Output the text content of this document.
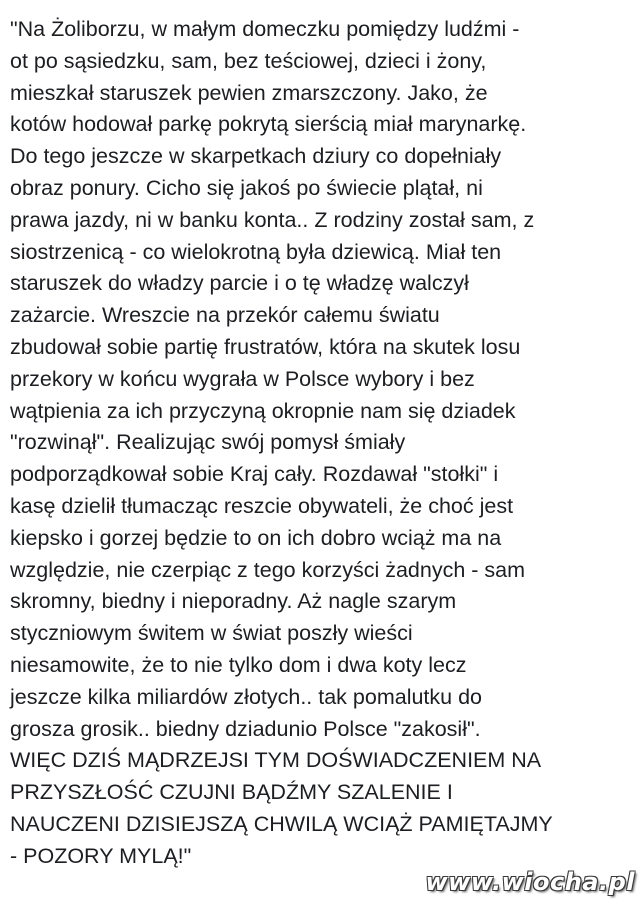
"Na Żoliborzu, w małym domeczku pomiędzy ludźmi -
ot po sąsiedzku, sam, bez teściowej, dzieci i żony,
mieszkał staruszek pewien zmarszczony. Jako, że
kotów hodował parkę pokrytą sierścią miał marynarkę.
Do tego jeszcze w skarpetkach dziury co dopełniały
obraz ponury. Cicho się jakoś po świecie plątał, ni
prawa jazdy, ni w banku konta.. Z rodziny został sam, z
siostrzenicą - co wielokrotną była dziewicą. Miał ten
staruszek do władzy parcie i o tę władzę walczył
zażarcie. Wreszcie na przekór całemu światu
zbudował sobie partię frustratów, która na skutek losu
przekory w końcu wygrała w Polsce wybory i bez
wątpienia za ich przyczyną okropnie nam się dziadek
"rozwinął". Realizując swój pomysł śmiały
podporządkował sobie Kraj cały. Rozdawał "stołki" i
kasę dzielił tłumacząc reszcie obywateli, że choć jest
kiepsko i gorzej będzie to on ich dobro wciąż ma na
względzie, nie czerpiąc z tego korzyści żadnych - sam
skromny, biedny i nieporadny. Aż nagle szarym
styczniowym świtem w świat poszły wieści
niesamowite, że to nie tylko dom i dwa koty lecz
jeszcze kilka miliardów złotych.. tak pomalutku do
grosza grosik.. biedny dziadunio Polsce "zakosił".
WIĘC DZIŚ MĄDRZEJSI TYM DOŚWIADCZENIEM NA
PRZYSZŁOŚĆ CZUJNI BĄDŹMY SZALENIE I
NAUCZENI DZISIEJSZĄ CHWILĄ WCIĄŻ PAMIĘTAJMY
- POZORY MYLĄ!"
www.wiocha.pl
